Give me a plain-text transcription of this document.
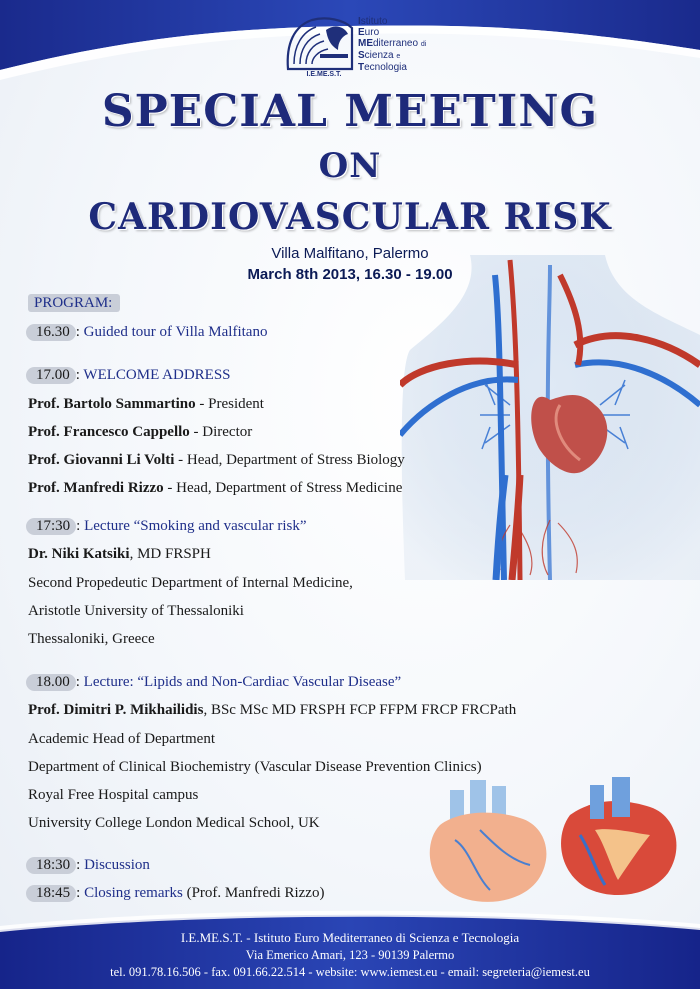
Istituto
Euro
MEditerraneo di
Scienza e
Tecnologia
I.E.ME.S.T.
SPECIAL MEETING
ON
CARDIOVASCULAR RISK
Villa Malfitano, Palermo
March 8th 2013, 16.30 - 19.00
PROGRAM:
16.30 : Guided tour of Villa Malfitano
17.00 : WELCOME ADDRESS
Prof. Bartolo Sammartino - President
Prof. Francesco Cappello - Director
Prof. Giovanni Li Volti - Head, Department of Stress Biology
Prof. Manfredi Rizzo - Head, Department of Stress Medicine
17:30 : Lecture “Smoking and vascular risk”
Dr. Niki Katsiki, MD FRSPH
Second Propedeutic Department of Internal Medicine,
Aristotle University of Thessaloniki
Thessaloniki, Greece
18.00 : Lecture: “Lipids and Non-Cardiac Vascular Disease”
Prof. Dimitri P. Mikhailidis, BSc MSc MD FRSPH FCP FFPM FRCP FRCPath
Academic Head of Department
Department of Clinical Biochemistry (Vascular Disease Prevention Clinics)
Royal Free Hospital campus
University College London Medical School, UK
18:30 : Discussion
18:45 : Closing remarks (Prof. Manfredi Rizzo)
I.E.ME.S.T. - Istituto Euro Mediterraneo di Scienza e Tecnologia
Via Emerico Amari, 123 - 90139 Palermo
tel. 091.78.16.506 - fax. 091.66.22.514 - website: www.iemest.eu - email: segreteria@iemest.eu
